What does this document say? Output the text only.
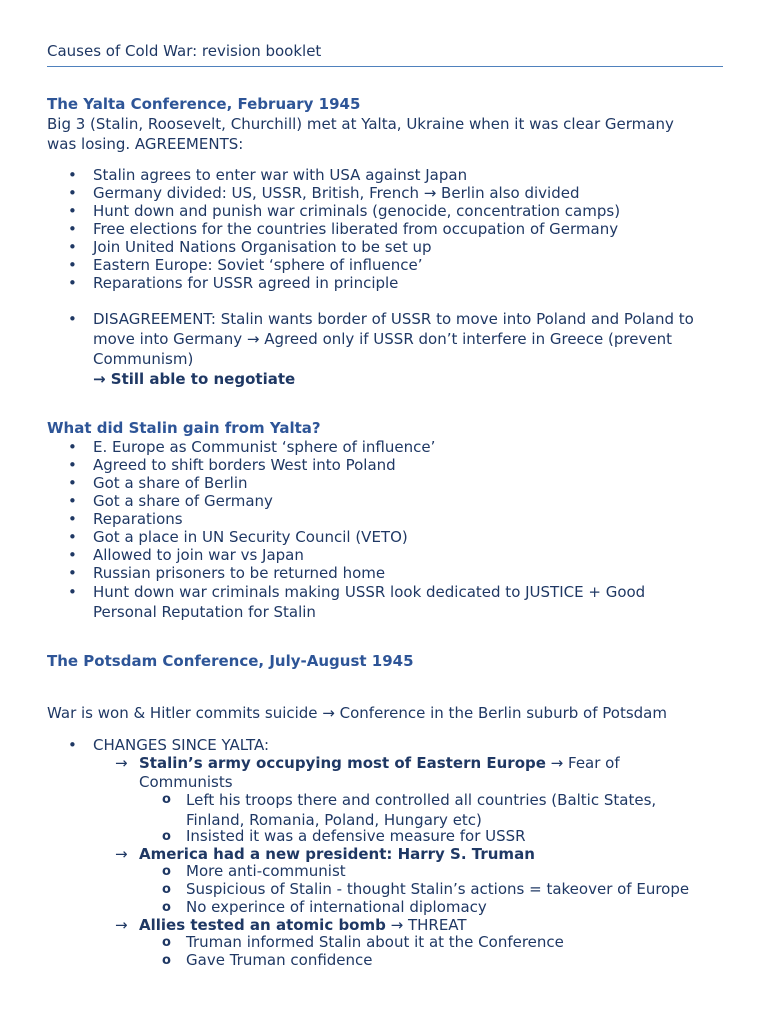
Causes of Cold War: revision booklet
The Yalta Conference, February 1945
Big 3 (Stalin, Roosevelt, Churchill) met at Yalta, Ukraine when it was clear Germany
was losing. AGREEMENTS:
• Stalin agrees to enter war with USA against Japan
• Germany divided: US, USSR, British, French → Berlin also divided
• Hunt down and punish war criminals (genocide, concentration camps)
• Free elections for the countries liberated from occupation of Germany
• Join United Nations Organisation to be set up
• Eastern Europe: Soviet ‘sphere of influence’
• Reparations for USSR agreed in principle
• DISAGREEMENT: Stalin wants border of USSR to move into Poland and Poland to
move into Germany → Agreed only if USSR don’t interfere in Greece (prevent
Communism)
→ Still able to negotiate
What did Stalin gain from Yalta?
• E. Europe as Communist ‘sphere of influence’
• Agreed to shift borders West into Poland
• Got a share of Berlin
• Got a share of Germany
• Reparations
• Got a place in UN Security Council (VETO)
• Allowed to join war vs Japan
• Russian prisoners to be returned home
• Hunt down war criminals making USSR look dedicated to JUSTICE + Good
Personal Reputation for Stalin
The Potsdam Conference, July-August 1945
War is won & Hitler commits suicide → Conference in the Berlin suburb of Potsdam
• CHANGES SINCE YALTA:
→ Stalin’s army occupying most of Eastern Europe → Fear of
Communists
o Left his troops there and controlled all countries (Baltic States,
Finland, Romania, Poland, Hungary etc)
o Insisted it was a defensive measure for USSR
→ America had a new president: Harry S. Truman
o More anti-communist
o Suspicious of Stalin - thought Stalin’s actions = takeover of Europe
o No experince of international diplomacy
→ Allies tested an atomic bomb → THREAT
o Truman informed Stalin about it at the Conference
o Gave Truman confidence
